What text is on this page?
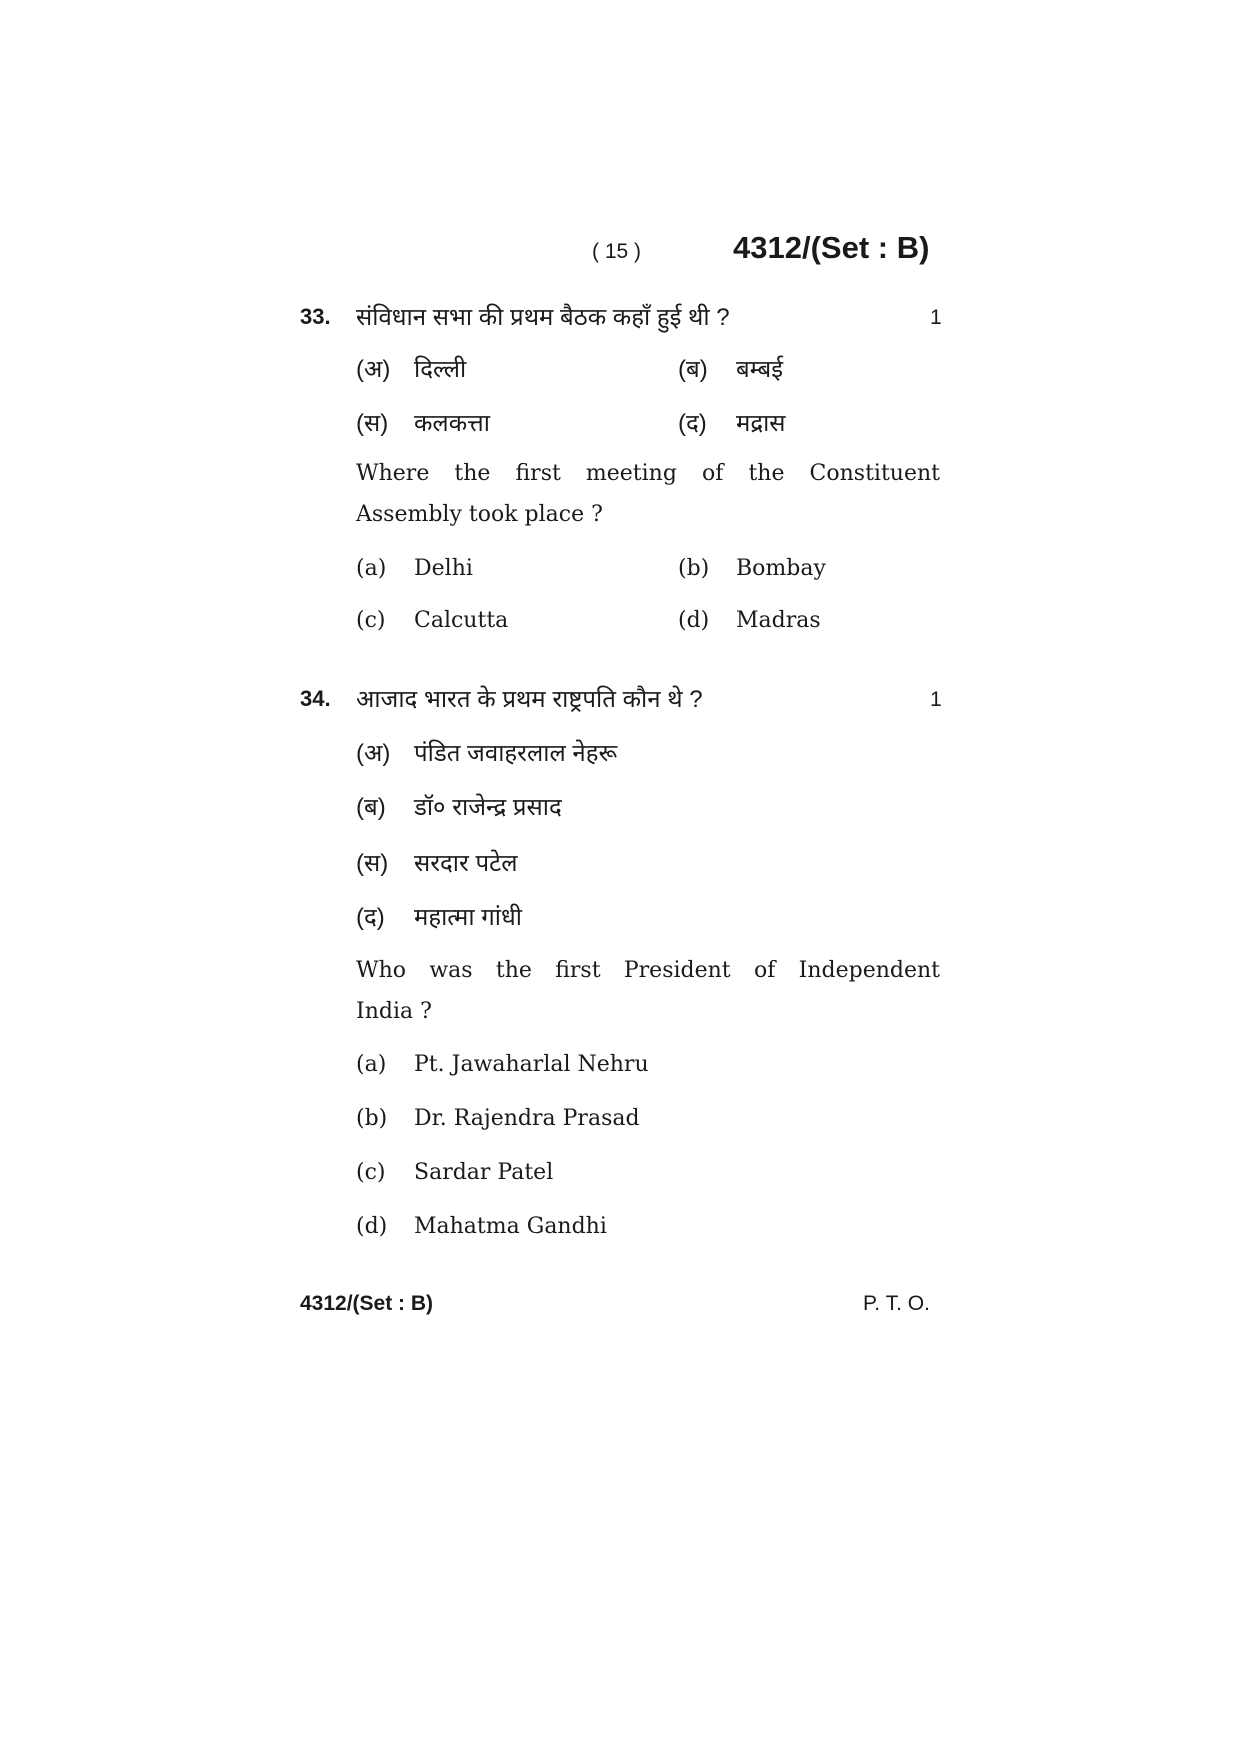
( 15 )	4312/(Set : B)
33. संविधान सभा की प्रथम बैठक कहाँ हुई थी ?	1
(अ) दिल्ली	(ब) बम्बई
(स) कलकत्ता	(द) मद्रास
Where the first meeting of the Constituent
Assembly took place ?
(a) Delhi	(b) Bombay
(c) Calcutta	(d) Madras
34. आजाद भारत के प्रथम राष्ट्रपति कौन थे ?	1
(अ) पंडित जवाहरलाल नेहरू
(ब) डॉ० राजेन्द्र प्रसाद
(स) सरदार पटेल
(द) महात्मा गांधी
Who was the first President of Independent
India ?
(a) Pt. Jawaharlal Nehru
(b) Dr. Rajendra Prasad
(c) Sardar Patel
(d) Mahatma Gandhi
4312/(Set : B)	P. T. O.
